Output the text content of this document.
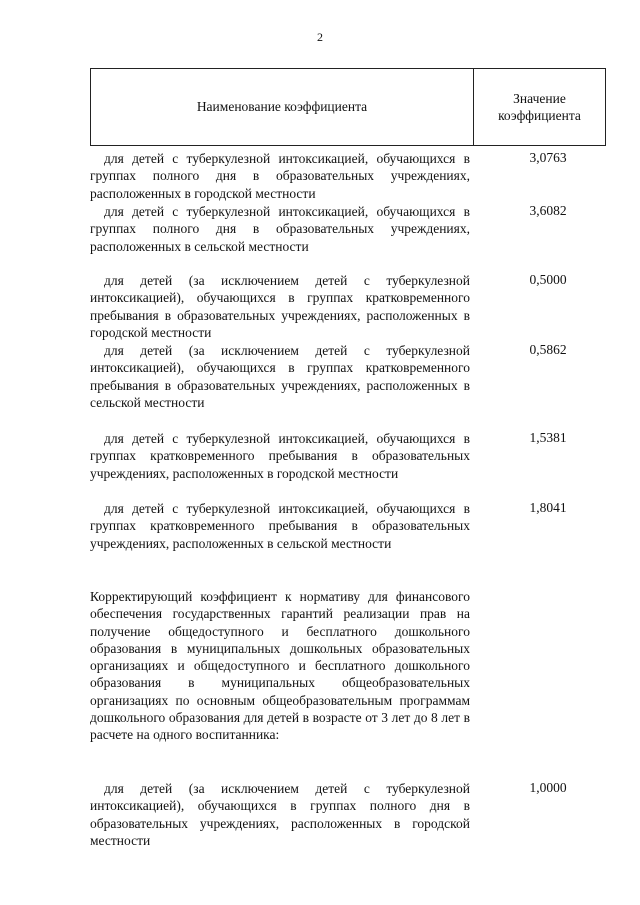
2
Наименование коэффициента
Значение
коэффициента
для детей с туберкулезной интоксикацией, обучающихся в группах полного дня в образовательных учреждениях, расположенных в городской местности
3,0763
для детей с туберкулезной интоксикацией, обучающихся в группах полного дня в образовательных учреждениях, расположенных в сельской местности
3,6082
для детей (за исключением детей с туберкулезной интоксикацией), обучающихся в группах кратковременного пребывания в образовательных учреждениях, расположенных в городской местности
0,5000
для детей (за исключением детей с туберкулезной интоксикацией), обучающихся в группах кратковременного пребывания в образовательных учреждениях, расположенных в сельской местности
0,5862
для детей с туберкулезной интоксикацией, обучающихся в группах кратковременного пребывания в образовательных учреждениях, расположенных в городской местности
1,5381
для детей с туберкулезной интоксикацией, обучающихся в группах кратковременного пребывания в образовательных учреждениях, расположенных в сельской местности
1,8041
Корректирующий коэффициент к нормативу для финансового обеспечения государственных гарантий реализации прав на получение общедоступного и бесплатного дошкольного образования в муниципальных дошкольных образовательных организациях и общедоступного и бесплатного дошкольного образования в муниципальных общеобразовательных организациях по основным общеобразовательным программам дошкольного образования для детей в возрасте от 3 лет до 8 лет в расчете на одного воспитанника:
для детей (за исключением детей с туберкулезной интоксикацией), обучающихся в группах полного дня в образовательных учреждениях, расположенных в городской местности
1,0000
